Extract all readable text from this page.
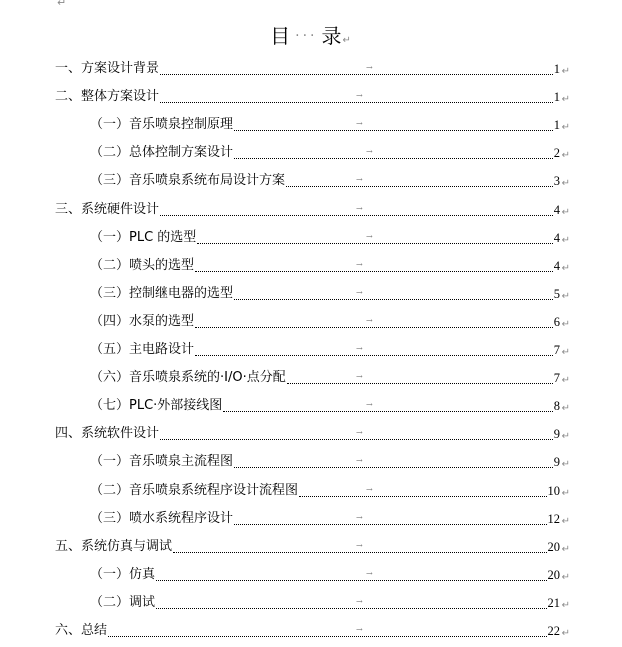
↵
目 ··· 录↵
一、方案设计背景	→	1 ↵
二、整体方案设计	→	1 ↵
（一）音乐喷泉控制原理	→	1 ↵
（二）总体控制方案设计	→	2 ↵
（三）音乐喷泉系统布局设计方案	→	3 ↵
三、系统硬件设计	→	4 ↵
（一）PLC 的选型	→	4 ↵
（二）喷头的选型	→	4 ↵
（三）控制继电器的选型	→	5 ↵
（四）水泵的选型	→	6 ↵
（五）主电路设计	→	7 ↵
（六）音乐喷泉系统的·I/O·点分配	→	7 ↵
（七）PLC·外部接线图	→	8 ↵
四、系统软件设计	→	9 ↵
（一）音乐喷泉主流程图	→	9 ↵
（二）音乐喷泉系统程序设计流程图	→	10 ↵
（三）喷水系统程序设计	→	12 ↵
五、系统仿真与调试	→	20 ↵
（一）仿真	→	20 ↵
（二）调试	→	21 ↵
六、总结	→	22 ↵
